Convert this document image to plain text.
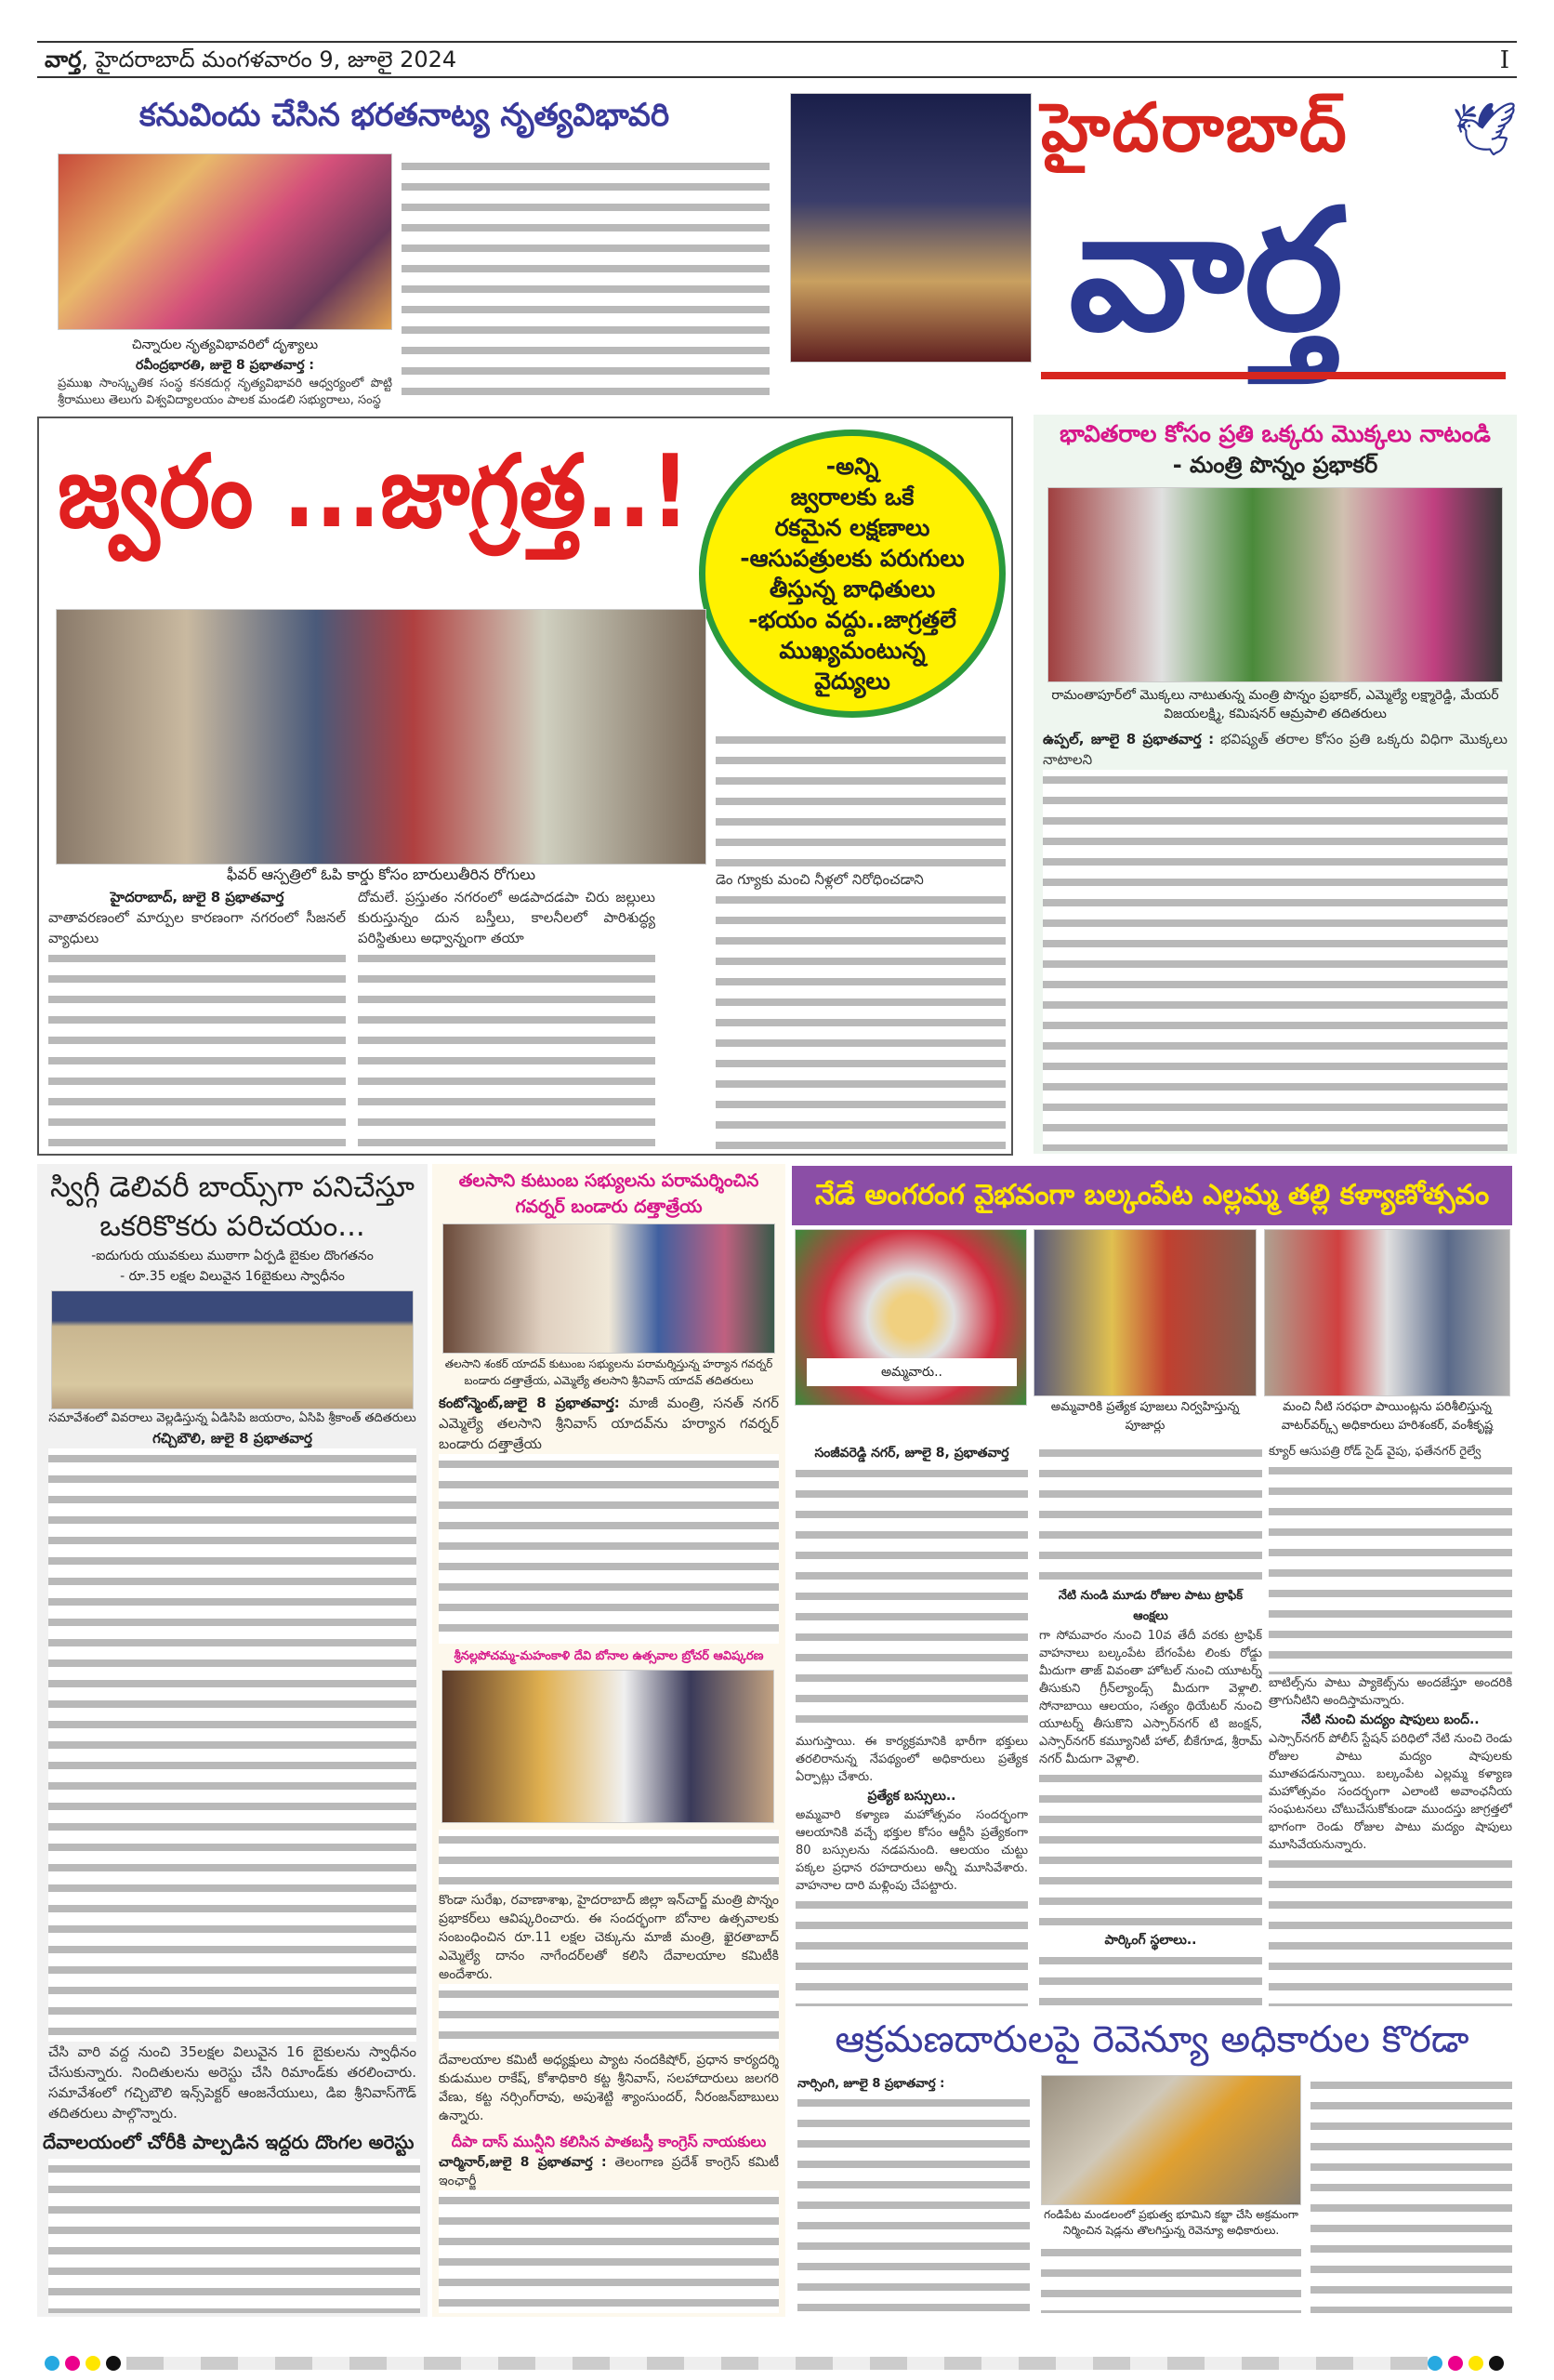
వార్త, హైదరాబాద్ మంగళవారం 9, జూలై 2024	I
కనువిందు చేసిన భరతనాట్య నృత్యవిభావరి
చిన్నారుల నృత్యవిభావరిలో దృశ్యాలు
రవీంద్రభారతి, జులై 8 ప్రభాతవార్త :
ప్రముఖ సాంస్కృతిక సంస్థ కనకదుర్గ నృత్యవిభావరి ఆధ్వర్యంలో పొట్టి శ్రీరాములు తెలుగు విశ్వవిద్యాలయం పాలక మండలి సభ్యురాలు, సంస్థ
హైదరాబాద్ 🕊
వార్త
జ్వరం ...జాగ్రత్త..!	-అన్ని
జ్వరాలకు ఒకే
రకమైన లక్షణాలు
-ఆసుపత్రులకు పరుగులు
తీస్తున్న బాధితులు
-భయం వద్దు..జాగ్రత్తలే
ముఖ్యమంటున్న
వైద్యులు
ఫీవర్ ఆస్పత్రిలో ఓపి కార్డు కోసం బారులుతీరిన రోగులు
హైదరాబాద్, జులై 8 ప్రభాతవార్త
వాతావరణంలో మార్పుల కారణంగా నగరంలో సీజనల్ వ్యాధులు
దోమలే. ప్రస్తుతం నగరంలో అడపాదడపా చిరు జల్లులు కురుస్తున్నం దున బస్తీలు, కాలనీలలో పారిశుద్ధ్య పరిస్థితులు అధ్వాన్నంగా తయా
డెం గ్యూకు మంచి నీళ్లలో నిరోధించడాని
భావితరాల కోసం ప్రతి ఒక్కరు మొక్కలు నాటండి
- మంత్రి పొన్నం ప్రభాకర్
రామంతాపూర్‌లో మొక్కలు నాటుతున్న మంత్రి పొన్నం ప్రభాకర్, ఎమ్మెల్యే లక్ష్మారెడ్డి, మేయర్ విజయలక్ష్మి, కమిషనర్ ఆమ్రపాలి తదితరులు
ఉప్పల్, జూలై 8 ప్రభాతవార్త : భవిష్యత్ తరాల కోసం ప్రతి ఒక్కరు విధిగా మొక్కలు నాటాలని
స్విగ్గీ డెలివరీ బాయ్స్‌గా పనిచేస్తూ ఒకరికొకరు పరిచయం...
-ఐదుగురు యువకులు ముఠాగా ఏర్పడి బైకుల దొంగతనం
- రూ.35 లక్షల విలువైన 16బైకులు స్వాధీనం
సమావేశంలో వివరాలు వెల్లడిస్తున్న ఏడిసిపి జయరాం, ఏసిపి శ్రీకాంత్ తదితరులు
గచ్చిబౌలి, జులై 8 ప్రభాతవార్త
చేసి వారి వద్ద నుంచి 35లక్షల విలువైన 16 బైకులను స్వాధీనం చేసుకున్నారు. నిందితులను అరెస్టు చేసి రిమాండ్‌కు తరలించారు. సమావేశంలో గచ్చిబౌలి ఇన్స్‌పెక్టర్ ఆంజనేయులు, డిఐ శ్రీనివాస్‌గౌడ్ తదితరులు పాల్గొన్నారు.
దేవాలయంలో చోరీకి పాల్పడిన ఇద్దరు దొంగల అరెస్టు
తలసాని కుటుంబ సభ్యులను పరామర్శించిన గవర్నర్ బండారు దత్తాత్రేయ
తలసాని శంకర్ యాదవ్ కుటుంబ సభ్యులను పరామర్శిస్తున్న హర్యాన గవర్నర్ బండారు దత్తాత్రేయ, ఎమ్మెల్యే తలసాని శ్రీనివాస్ యాదవ్ తదితరులు
కంటోన్మెంట్,జులై 8 ప్రభాతవార్త: మాజీ మంత్రి, సనత్ నగర్ ఎమ్మెల్యే తలసాని శ్రీనివాస్ యాదవ్‌ను హర్యాన గవర్నర్ బండారు దత్తాత్రేయ
శ్రీనల్లపోచమ్మ-మహంకాళి దేవి బోనాల ఉత్సవాల బ్రోచర్ ఆవిష్కరణ
కొండా సురేఖ, రవాణాశాఖ, హైదరాబాద్ జిల్లా ఇన్‌చార్జ్ మంత్రి పొన్నం ప్రభాకర్‌లు ఆవిష్కరించారు. ఈ సందర్భంగా బోనాల ఉత్సవాలకు సంబంధించిన రూ.11 లక్షల చెక్కును మాజీ మంత్రి, ఖైరతాబాద్ ఎమ్మెల్యే దానం నాగేందర్‌లతో కలిసి దేవాలయాల కమిటీకి అందేశారు.
దేవాలయాల కమిటీ అధ్యక్షులు ప్యాట నందకిషోర్, ప్రధాన కార్యదర్శి కుడుముల రాకేష్, కోశాధికారి కట్ట శ్రీనివాస్, సలహాదారులు జలగరి వేణు, కట్ట నర్సింగ్‌రావు, అపుశెట్టి శ్యాంసుందర్, నీరంజన్‌బాబులు ఉన్నారు.
దీపా దాస్ మున్షీని కలిసిన పాతబస్తీ కాంగ్రెస్ నాయకులు
చార్మినార్,జులై 8 ప్రభాతవార్త : తెలంగాణ ప్రదేశ్ కాంగ్రెస్ కమిటీ ఇంఛార్జీ
నేడే అంగరంగ వైభవంగా బల్కంపేట ఎల్లమ్మ తల్లి కళ్యాణోత్సవం
అమ్మవారు..
అమ్మవారికి ప్రత్యేక పూజలు నిర్వహిస్తున్న పూజార్లు
మంచి నీటి సరఫరా పాయింట్లను పరిశీలిస్తున్న వాటర్‌వర్క్స్ అధికారులు హరిశంకర్, వంశీకృష్ణ
సంజీవరెడ్డి నగర్, జూలై 8, ప్రభాతవార్త
ముగుస్తాయి. ఈ కార్యక్రమానికి భారీగా భక్తులు తరలిరానున్న నేపథ్యంలో అధికారులు ప్రత్యేక ఏర్పాట్లు చేశారు.
ప్రత్యేక బస్సులు..
అమ్మవారి కళ్యాణ మహోత్సవం సందర్భంగా ఆలయానికి వచ్చే భక్తుల కోసం ఆర్టీసి ప్రత్యేకంగా 80 బస్సులను నడపనుంది. ఆలయం చుట్టు పక్కల ప్రధాన రహదారులు అన్నీ మూసివేశారు. వాహనాల దారి మళ్లింపు చేపట్టారు.
నేటి నుండి మూడు రోజుల పాటు ట్రాఫిక్ ఆంక్షలు
గా సోమవారం నుంచి 10వ తేదీ వరకు ట్రాఫిక్ వాహనాలు బల్కంపేట బేగంపేట లింకు రోడ్డు మీదుగా తాజ్ వివంతా హోటల్ నుంచి యూటర్న్ తీసుకుని గ్రీన్‌ల్యాండ్స్ మీదుగా వెళ్లాలి. సోనాబాయి ఆలయం, సత్యం థియేటర్ నుంచి యూటర్న్ తీసుకొని ఎస్సార్‌నగర్ టి జంక్షన్, ఎస్సార్‌నగర్ కమ్యూనిటీ హాల్, బీకేగూడ, శ్రీరామ్ నగర్ మీదుగా వెళ్లాలి.
పార్కింగ్ స్థలాలు..
క్యూర్ ఆసుపత్రి రోడ్ సైడ్ వైపు, ఫతేనగర్ రైల్వే
బాటిల్స్‌ను పాటు ప్యాకెట్స్‌ను అందజేస్తూ అందరికి త్రాగునీటిని అందిస్తామన్నారు.
నేటి నుంచి మద్యం షాపులు బంద్..
ఎస్సార్‌నగర్ పోలీస్ స్టేషన్ పరిధిలో నేటి నుంచి రెండు రోజుల పాటు మద్యం షాపులకు మూతపడనున్నాయి. బల్కంపేట ఎల్లమ్మ కళ్యాణ మహోత్సవం సందర్భంగా ఎలాంటి అవాంఛనీయ సంఘటనలు చోటుచేసుకోకుండా ముందస్తు జాగ్రత్తలో భాగంగా రెండు రోజుల పాటు మద్యం షాపులు మూసివేయనున్నారు.
ఆక్రమణదారులపై రెవెన్యూ అధికారుల కొరడా
నార్సింగి, జూలై 8 ప్రభాతవార్త :
గండిపేట మండలంలో ప్రభుత్వ భూమిని కబ్జా చేసి అక్రమంగా నిర్మించిన షెడ్లను తొలగిస్తున్న రెవెన్యూ అధికారులు.
